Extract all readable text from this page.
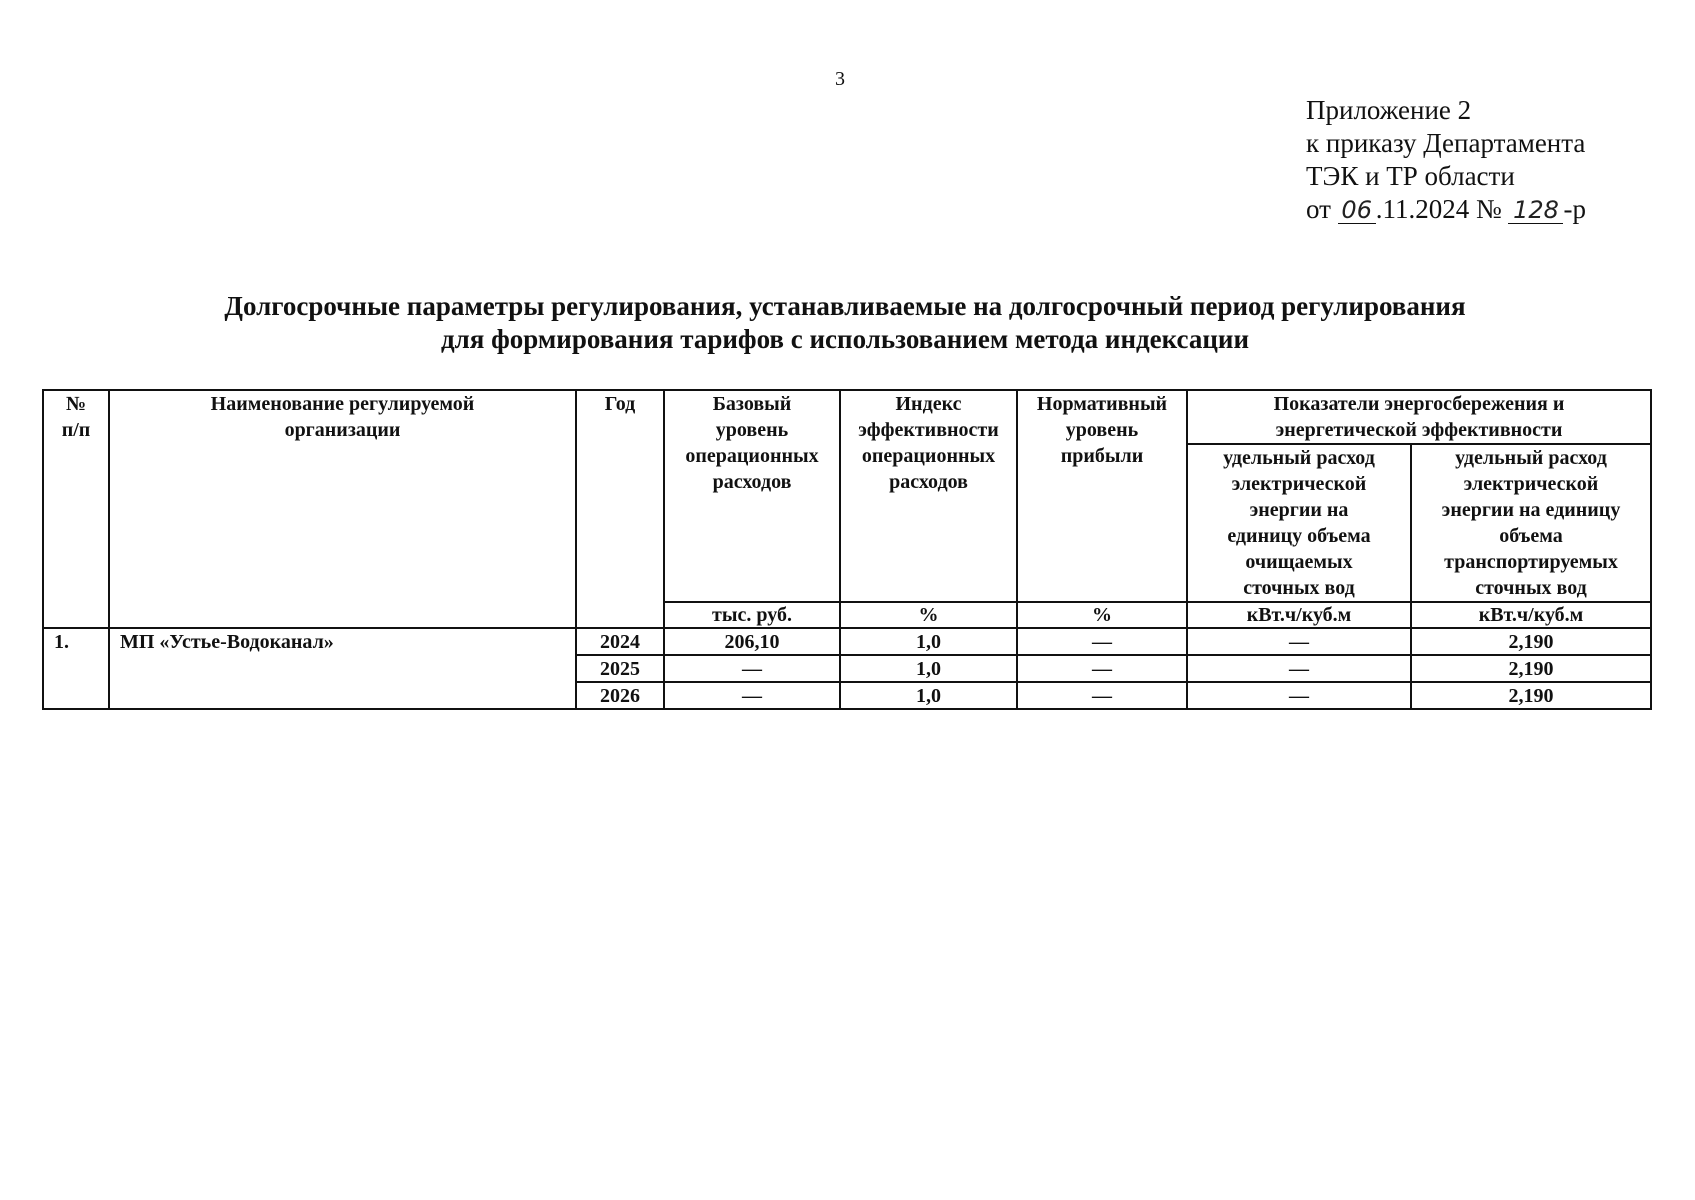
3
Приложение 2
к приказу Департамента
ТЭК и ТР области
от 06 .11.2024 № 128 -р
Долгосрочные параметры регулирования, устанавливаемые на долгосрочный период регулирования
для формирования тарифов с использованием метода индексации
№ п/п	Наименование регулируемой организации	Год	Базовый уровень операционных расходов	Индекс эффективности операционных расходов	Нормативный уровень прибыли	Показатели энергосбережения и энергетической эффективности	

						удельный расход электрической энергии на единицу объема очищаемых сточных вод	удельный расход электрической энергии на единицу объема транспортируемых сточных вод

			тыс. руб.	%	%	кВт.ч/куб.м	кВт.ч/куб.м
1.	МП «Устье-Водоканал»	2024	206,10	1,0	—	—	2,190
		2025	—	1,0	—	—	2,190
		2026	—	1,0	—	—	2,190
